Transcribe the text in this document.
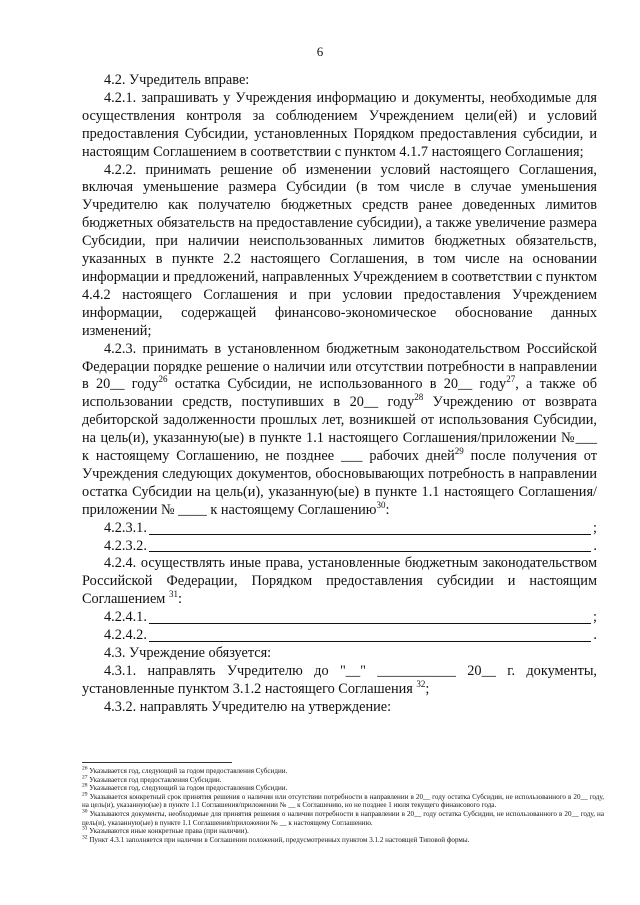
6

4.2. Учредитель вправе:

4.2.1. запрашивать у Учреждения информацию и документы, необходимые для осуществления контроля за соблюдением Учреждением цели(ей) и условий предоставления Субсидии, установленных Порядком предоставления субсидии, и настоящим Соглашением в соответствии с пунктом 4.1.7 настоящего Соглашения;

4.2.2. принимать решение об изменении условий настоящего Соглашения, включая уменьшение размера Субсидии (в том числе в случае уменьшения Учредителю как получателю бюджетных средств ранее доведенных лимитов бюджетных обязательств на предоставление субсидии), а также увеличение размера Субсидии, при наличии неиспользованных лимитов бюджетных обязательств, указанных в пункте 2.2 настоящего Соглашения, в том числе на основании информации и предложений, направленных Учреждением в соответствии с пунктом 4.4.2 настоящего Соглашения и при условии предоставления Учреждением информации, содержащей финансово-экономическое обоснование данных изменений;

4.2.3. принимать в установленном бюджетным законодательством Российской Федерации порядке решение о наличии или отсутствии потребности в направлении в 20__ году$^{26}$ остатка Субсидии, не использованного в 20__ году$^{27}$, а также об использовании средств, поступивших в 20__ году$^{28}$ Учреждению от возврата дебиторской задолженности прошлых лет, возникшей от использования Субсидии, на цель(и), указанную(ые) в пункте 1.1 настоящего Соглашения/приложении №___ к настоящему Соглашению, не позднее ___ рабочих дней$^{29}$ после получения от Учреждения следующих документов, обосновывающих потребность в направлении остатка Субсидии на цель(и), указанную(ые) в пункте 1.1 настоящего Соглашения/приложении № ____ к настоящему Соглашению$^{30}$:

4.2.3.1.	;
4.2.3.2.	.

4.2.4. осуществлять иные права, установленные бюджетным законодательством Российской Федерации, Порядком предоставления субсидии и настоящим Соглашением $^{31}$:

4.2.4.1.	;
4.2.4.2.	.

4.3. Учреждение обязуется:

4.3.1. направлять Учредителю до "__" ___________ 20__ г. документы, установленные пунктом 3.1.2 настоящего Соглашения $^{32}$;

4.3.2. направлять Учредителю на утверждение:

$^{26}$ Указывается год, следующий за годом предоставления Субсидии.

$^{27}$ Указывается год предоставления Субсидии.

$^{28}$ Указывается год, следующий за годом предоставления Субсидии.

$^{29}$ Указывается конкретный срок принятия решения о наличии или отсутствии потребности в направлении в 20__ году остатка Субсидии, не использованного в 20__ году, на цель(и), указанную(ые) в пункте 1.1 Соглашения/приложении № __ к Соглашению, но не позднее 1 июля текущего финансового года.

$^{30}$ Указываются документы, необходимые для принятия решения о наличии потребности в направлении в 20__ году остатка Субсидии, не использованного в 20__ году, на цель(и), указанную(ые) в пункте 1.1 Соглашения/приложении № __ к настоящему Соглашению.

$^{31}$ Указываются иные конкретные права (при наличии).

$^{32}$ Пункт 4.3.1 заполняется при наличии в Соглашении положений, предусмотренных пунктом 3.1.2 настоящей Типовой формы.
